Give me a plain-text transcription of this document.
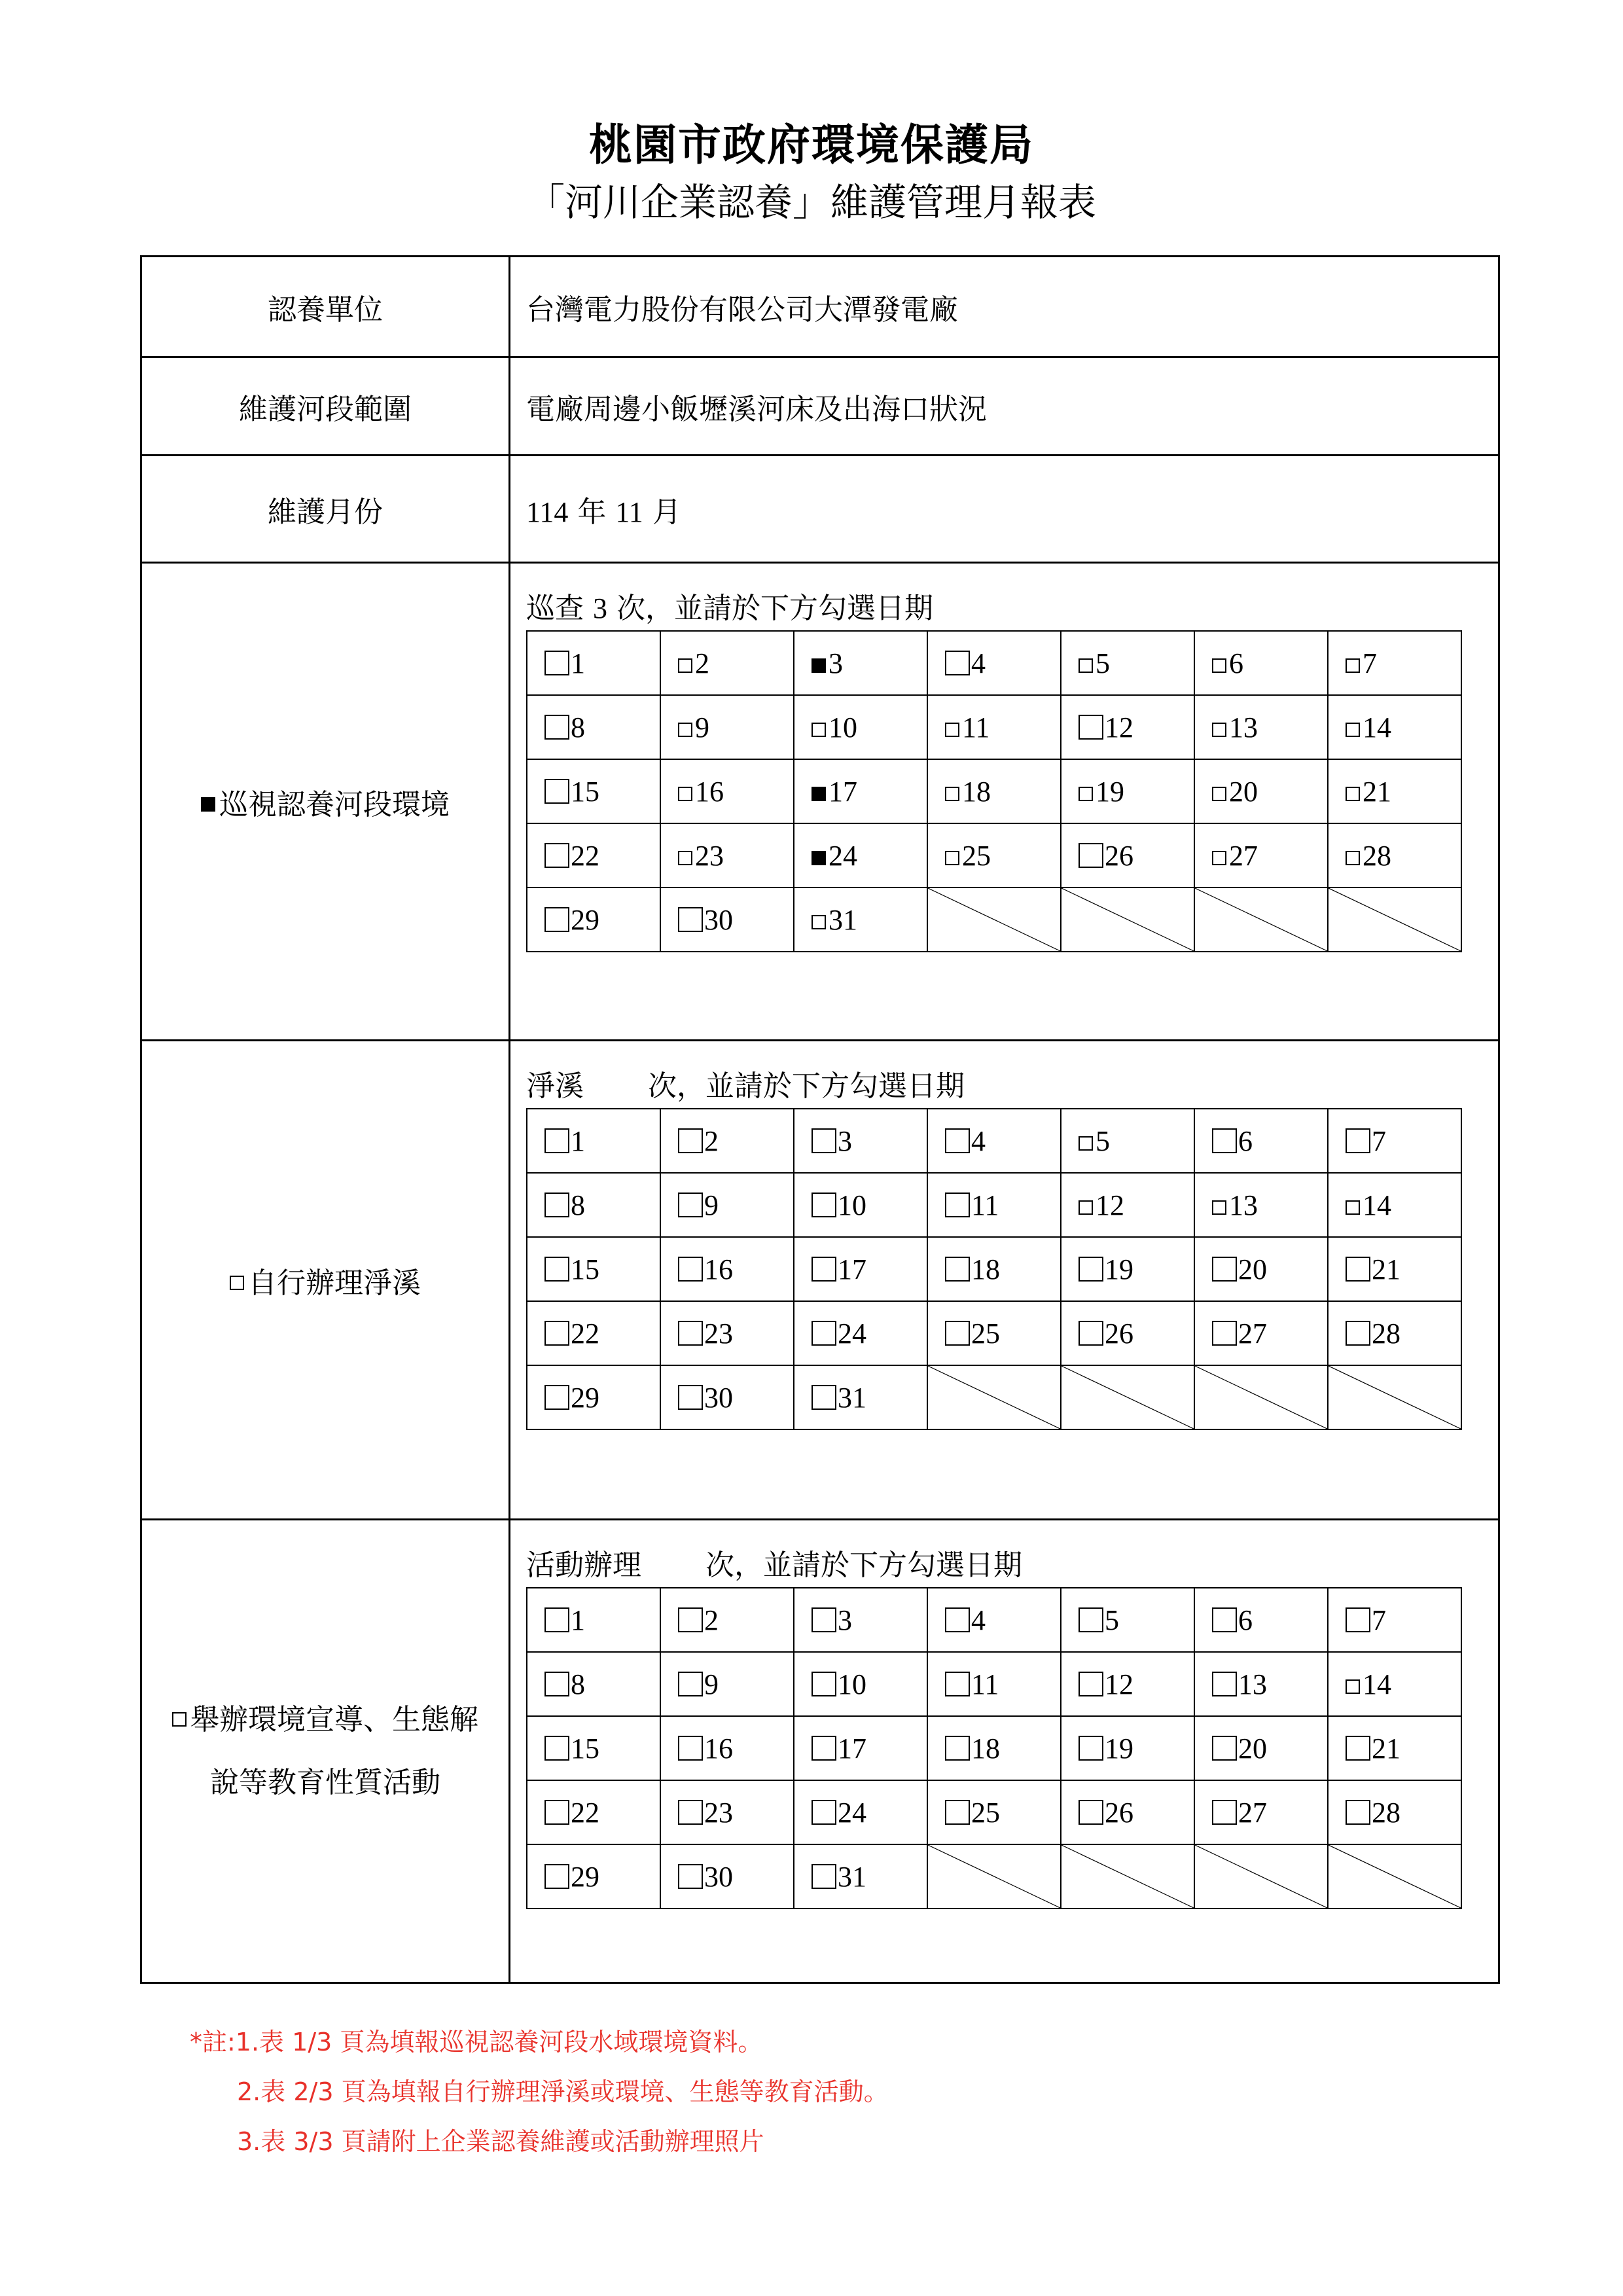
桃園市政府環境保護局
「河川企業認養」維護管理月報表
認養單位	台灣電力股份有限公司大潭發電廠
維護河段範圍	電廠周邊小飯壢溪河床及出海口狀況
維護月份	114 年 11 月
巡視認養河段環境	
巡查 3 次，並請於下方勾選日期
1	2	3	4	5	6	7
8	9	10	11	12	13	14
15	16	17	18	19	20	21
22	23	24	25	26	27	28
29	30	31	

自行辦理淨溪	
淨溪 次，並請於下方勾選日期
1	2	3	4	5	6	7
8	9	10	11	12	13	14
15	16	17	18	19	20	21
22	23	24	25	26	27	28
29	30	31	

舉辦環境宣導、生態解
說等教育性質活動

活動辦理 次，並請於下方勾選日期
1	2	3	4	5	6	7
8	9	10	11	12	13	14
15	16	17	18	19	20	21
22	23	24	25	26	27	28
29	30	31	

*註:1.表 1/3 頁為填報巡視認養河段水域環境資料。
2.表 2/3 頁為填報自行辦理淨溪或環境、生態等教育活動。
3.表 3/3 頁請附上企業認養維護或活動辦理照片
